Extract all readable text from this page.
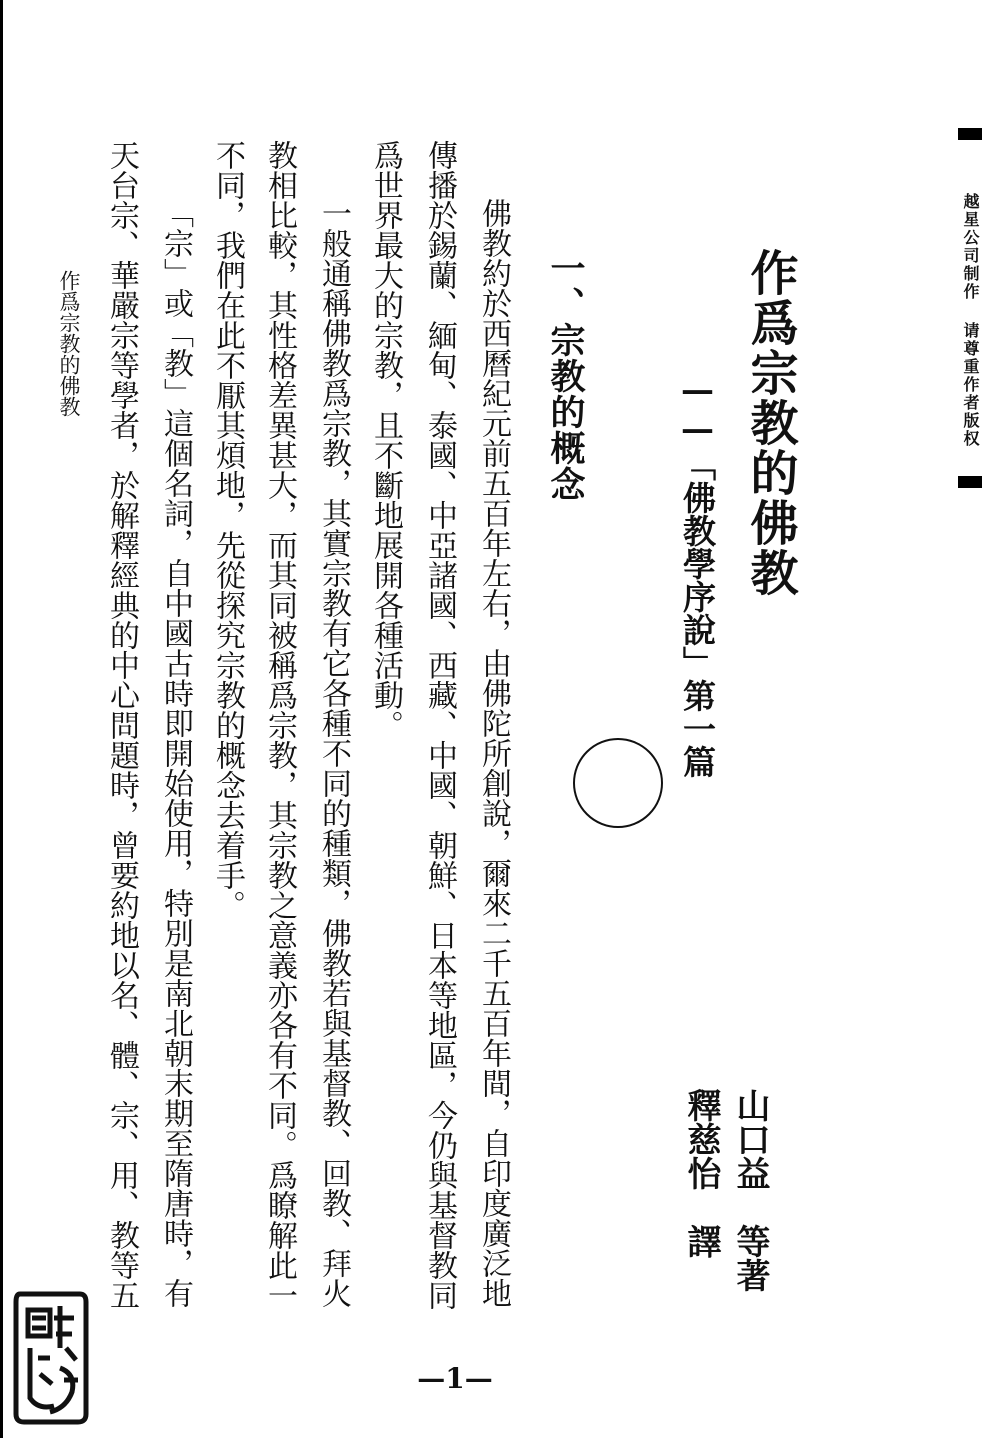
越星公司制作 请尊重作者版权
作爲宗教的佛教
——「佛教學序說」第一篇
山口益　等著
釋慈怡　譯
一、宗教的概念
佛教約於西曆紀元前五百年左右，由佛陀所創說，爾來二千五百年間，自印度廣泛地
傳播於錫蘭、緬甸、泰國、中亞諸國、西藏、中國、朝鮮、日本等地區，今仍與基督教同
爲世界最大的宗教，且不斷地展開各種活動。
一般通稱佛教爲宗教，其實宗教有它各種不同的種類，佛教若與基督教、回教、拜火
教相比較，其性格差異甚大，而其同被稱爲宗教，其宗教之意義亦各有不同。爲瞭解此一
不同，我們在此不厭其煩地，先從探究宗教的概念去着手。
「宗」或「教」這個名詞，自中國古時即開始使用，特別是南北朝末期至隋唐時，有
天台宗、華嚴宗等學者，於解釋經典的中心問題時，曾要約地以名、體、宗、用、教等五
作爲宗教的佛教
—1—
